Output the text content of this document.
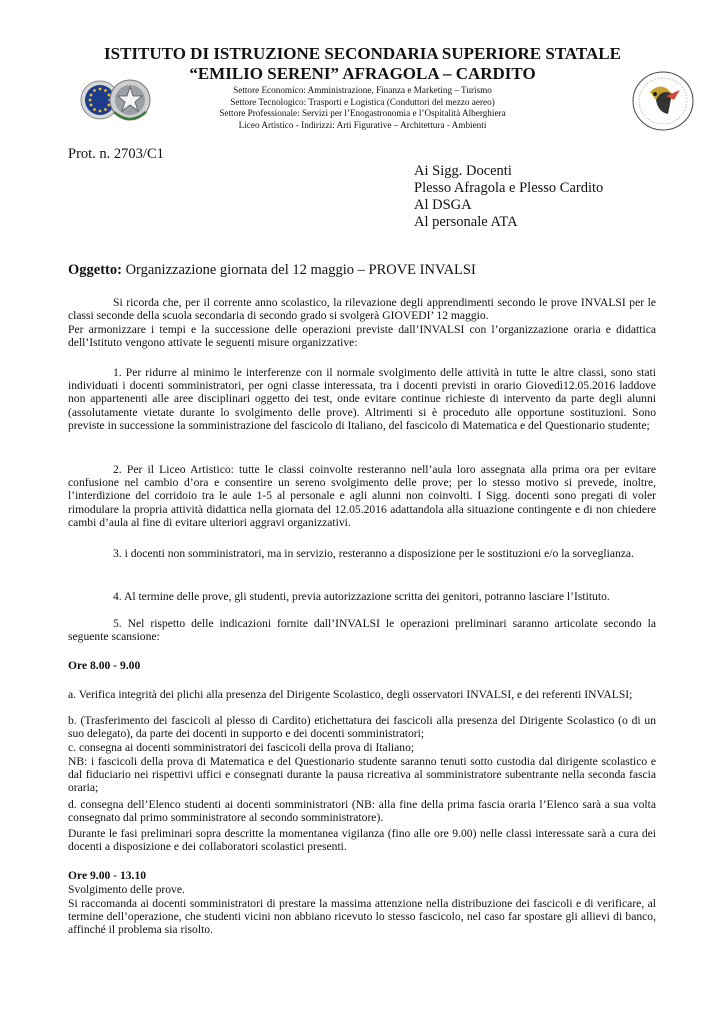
ISTITUTO DI ISTRUZIONE SECONDARIA SUPERIORE STATALE
“EMILIO SERENI” AFRAGOLA – CARDITO
Settore Economico: Amministrazione, Finanza e Marketing – Turismo
Settore Tecnologico: Trasporti e Logistica (Conduttori del mezzo aereo)
Settore Professionale: Servizi per l’Enogastronomia e l’Ospitalità Alberghiera
Liceo Artistico - Indirizzi: Arti Figurative – Architettura - Ambienti
Prot. n. 2703/C1
Ai Sigg. Docenti
Plesso Afragola e Plesso Cardito
Al DSGA
Al personale ATA
Oggetto: Organizzazione giornata del 12 maggio – PROVE INVALSI
Si ricorda che, per il corrente anno scolastico, la rilevazione degli apprendimenti secondo le prove INVALSI per le classi seconde della scuola secondaria di secondo grado si svolgerà GIOVEDI’ 12 maggio.
Per armonizzare i tempi e la successione delle operazioni previste dall’INVALSI con l’organizzazione oraria e didattica dell’Istituto vengono attivate le seguenti misure organizzative:
1. Per ridurre al minimo le interferenze con il normale svolgimento delle attività in tutte le altre classi, sono stati individuati i docenti somministratori, per ogni classe interessata, tra i docenti previsti in orario Giovedì12.05.2016 laddove non appartenenti alle aree disciplinari oggetto dei test, onde evitare continue richieste di intervento da parte degli alunni (assolutamente vietate durante lo svolgimento delle prove). Altrimenti si è proceduto alle opportune sostituzioni. Sono previste in successione la somministrazione del fascicolo di Italiano, del fascicolo di Matematica e del Questionario studente;
2. Per il Liceo Artistico: tutte le classi coinvolte resteranno nell’aula loro assegnata alla prima ora per evitare confusione nel cambio d’ora e consentire un sereno svolgimento delle prove; per lo stesso motivo si prevede, inoltre, l’interdizione del corridoio tra le aule 1-5 al personale e agli alunni non coinvolti. I Sigg. docenti sono pregati di voler rimodulare la propria attività didattica nella giornata del 12.05.2016 adattandola alla situazione contingente e di non chiedere cambi d’aula al fine di evitare ulteriori aggravi organizzativi.
3. i docenti non somministratori, ma in servizio, resteranno a disposizione per le sostituzioni e/o la sorveglianza.
4. Al termine delle prove, gli studenti, previa autorizzazione scritta dei genitori, potranno lasciare l’Istituto.
5. Nel rispetto delle indicazioni fornite dall’INVALSI le operazioni preliminari saranno articolate secondo la seguente scansione:
Ore 8.00 - 9.00
a. Verifica integrità dei plichi alla presenza del Dirigente Scolastico, degli osservatori INVALSI, e dei referenti INVALSI;
b. (Trasferimento dei fascicoli al plesso di Cardito) etichettatura dei fascicoli alla presenza del Dirigente Scolastico (o di un suo delegato), da parte dei docenti in supporto e dei docenti somministratori;
c. consegna ai docenti somministratori dei fascicoli della prova di Italiano;
NB: i fascicoli della prova di Matematica e del Questionario studente saranno tenuti sotto custodia dal dirigente scolastico e dal fiduciario nei rispettivi uffici e consegnati durante la pausa ricreativa al somministratore subentrante nella seconda fascia oraria;
d. consegna dell’Elenco studenti ai docenti somministratori (NB: alla fine della prima fascia oraria l’Elenco sarà a sua volta consegnato dal primo somministratore al secondo somministratore).
Durante le fasi preliminari sopra descritte la momentanea vigilanza (fino alle ore 9.00) nelle classi interessate sarà a cura dei docenti a disposizione e dei collaboratori scolastici presenti.
Ore 9.00 - 13.10
Svolgimento delle prove.
Si raccomanda ai docenti somministratori di prestare la massima attenzione nella distribuzione dei fascicoli e di verificare, al termine dell’operazione, che studenti vicini non abbiano ricevuto lo stesso fascicolo, nel caso far spostare gli allievi di banco, affinché il problema sia risolto.
